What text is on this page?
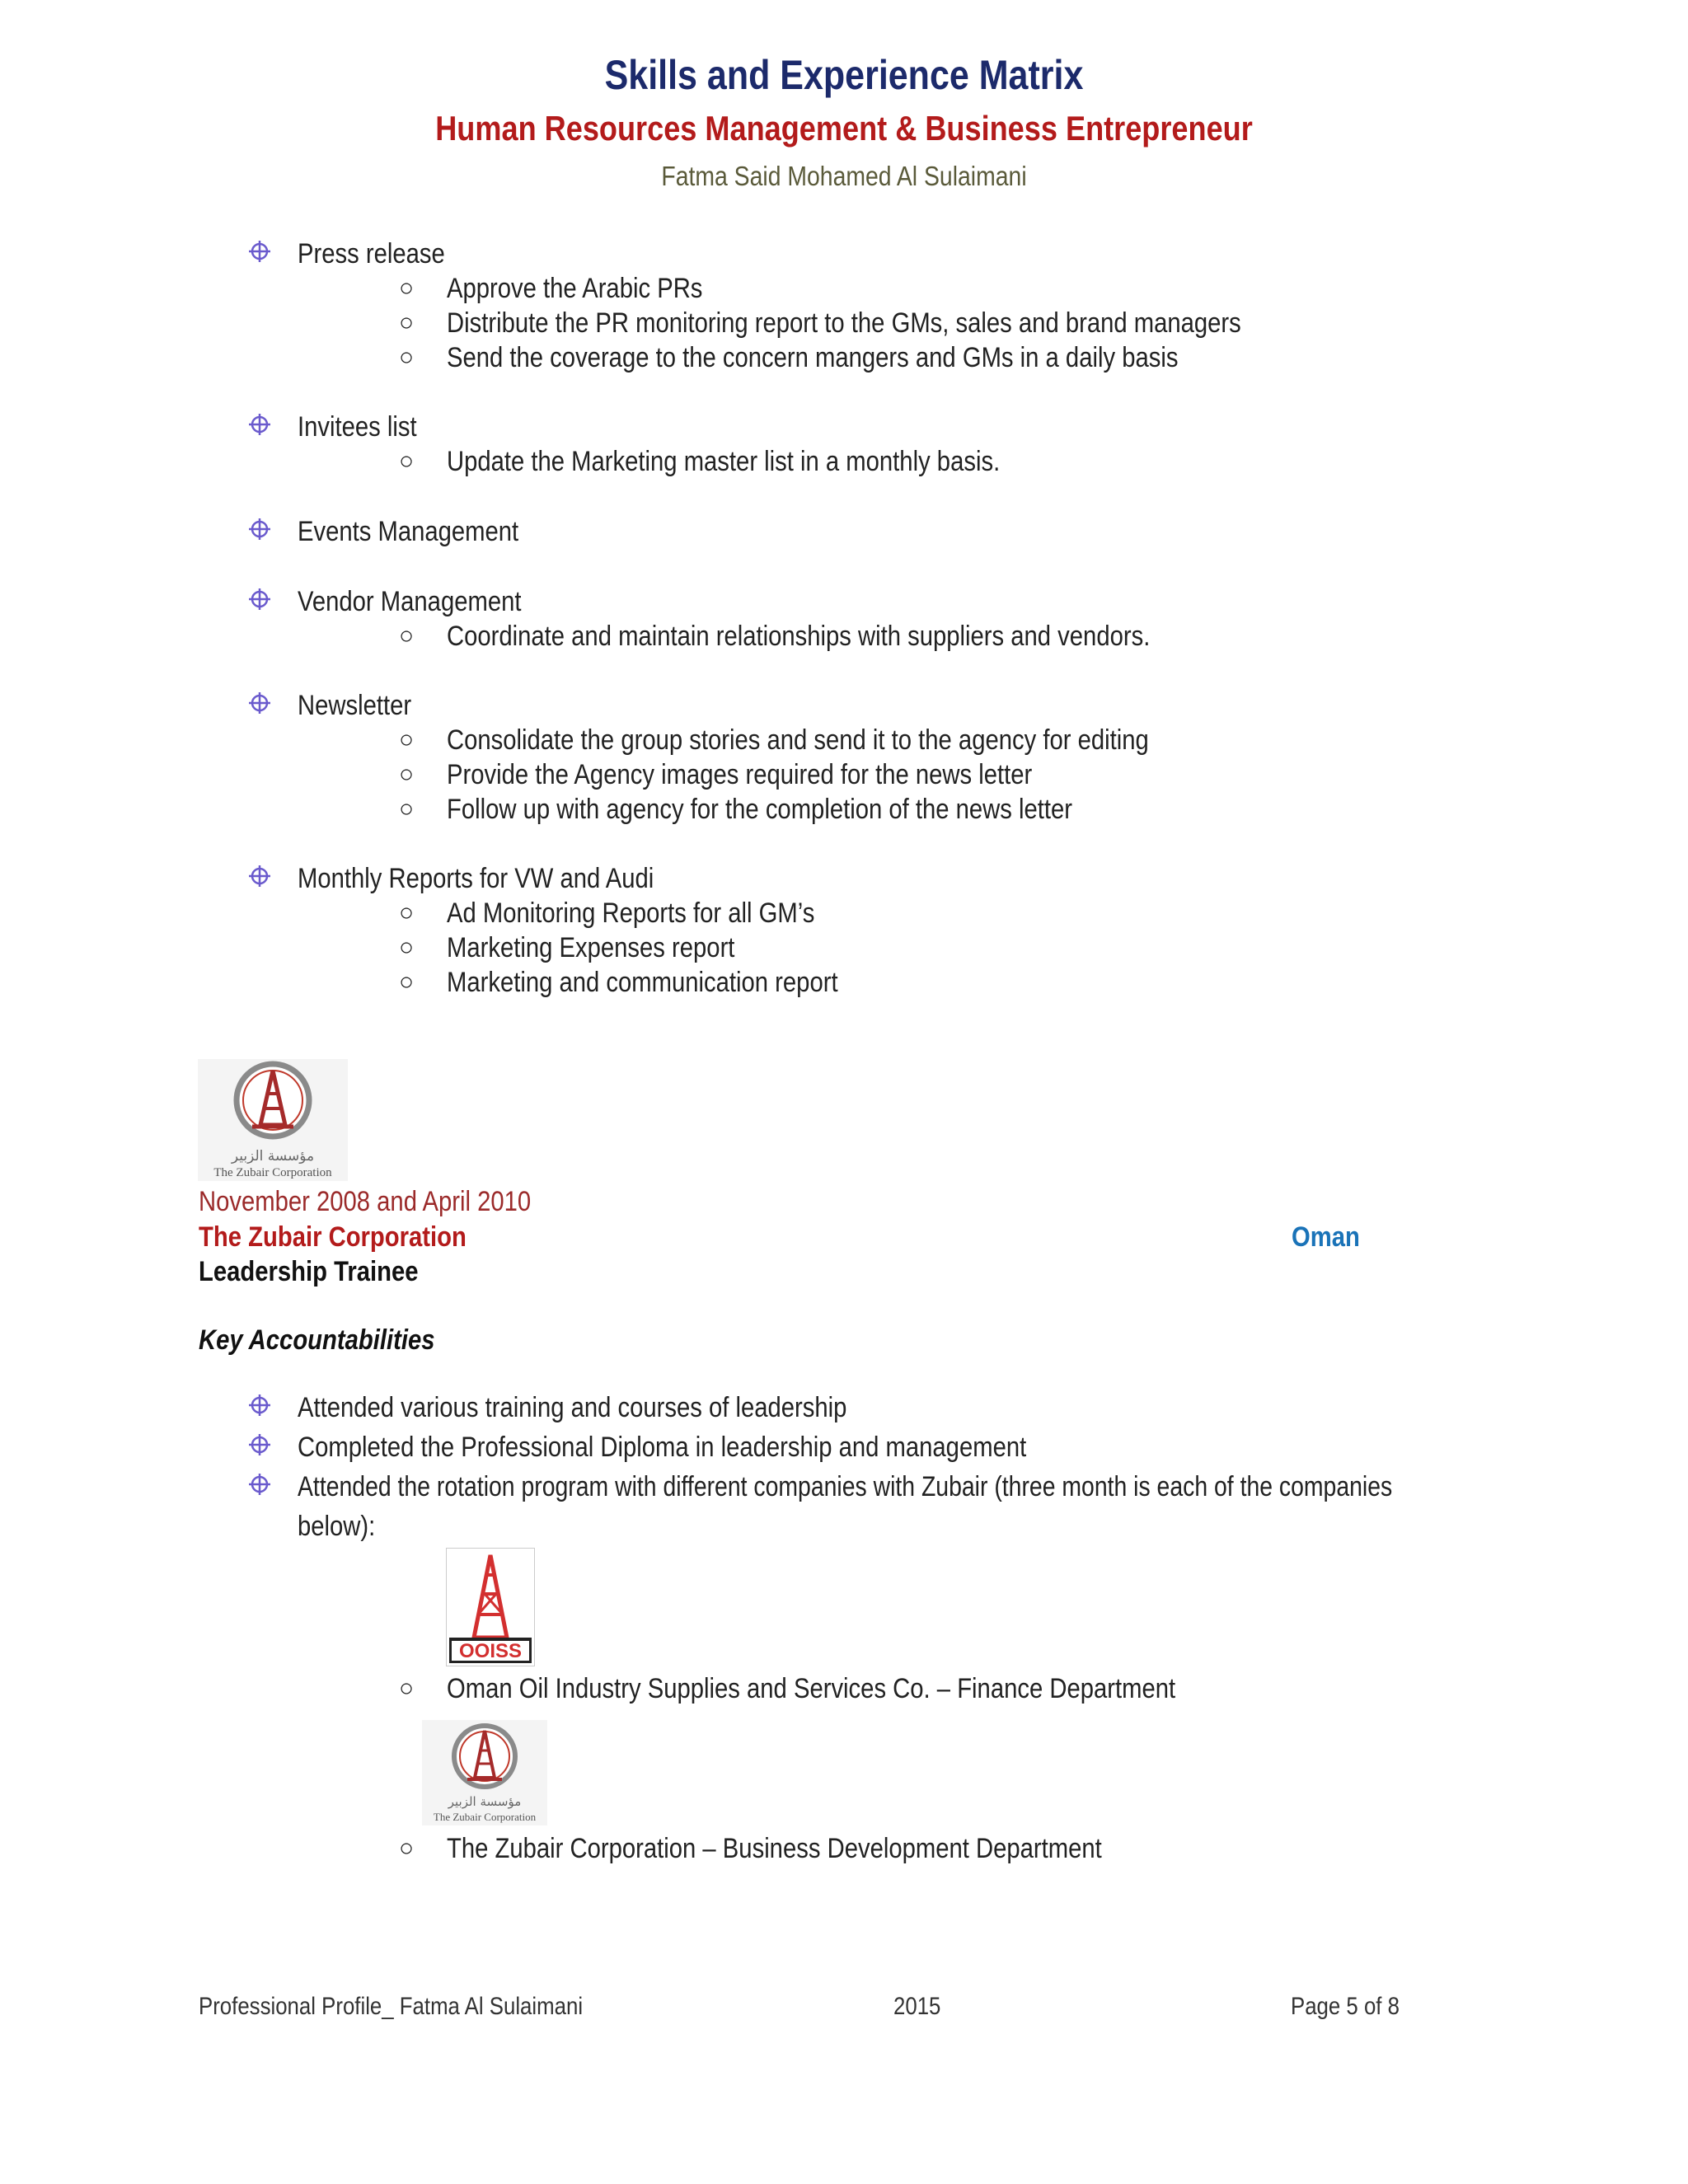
Skills and Experience Matrix
Human Resources Management & Business Entrepreneur
Fatma Said Mohamed Al Sulaimani
Press release
○ Approve the Arabic PRs
○ Distribute the PR monitoring report to the GMs, sales and brand managers
○ Send the coverage to the concern mangers and GMs in a daily basis
Invitees list
○ Update the Marketing master list in a monthly basis.
Events Management
Vendor Management
○ Coordinate and maintain relationships with suppliers and vendors.
Newsletter
○ Consolidate the group stories and send it to the agency for editing
○ Provide the Agency images required for the news letter
○ Follow up with agency for the completion of the news letter
Monthly Reports for VW and Audi
○ Ad Monitoring Reports for all GM’s
○ Marketing Expenses report
○ Marketing and communication report
مؤسسة الزبير
The Zubair Corporation
November 2008 and April 2010
The Zubair Corporation	Oman
Leadership Trainee
Key Accountabilities
Attended various training and courses of leadership
Completed the Professional Diploma in leadership and management
Attended the rotation program with different companies with Zubair (three month is each of the companies
below):
OOISS
○ Oman Oil Industry Supplies and Services Co. – Finance Department
مؤسسة الزبير
The Zubair Corporation
○ The Zubair Corporation – Business Development Department
Professional Profile_ Fatma Al Sulaimani	2015	Page 5 of 8
